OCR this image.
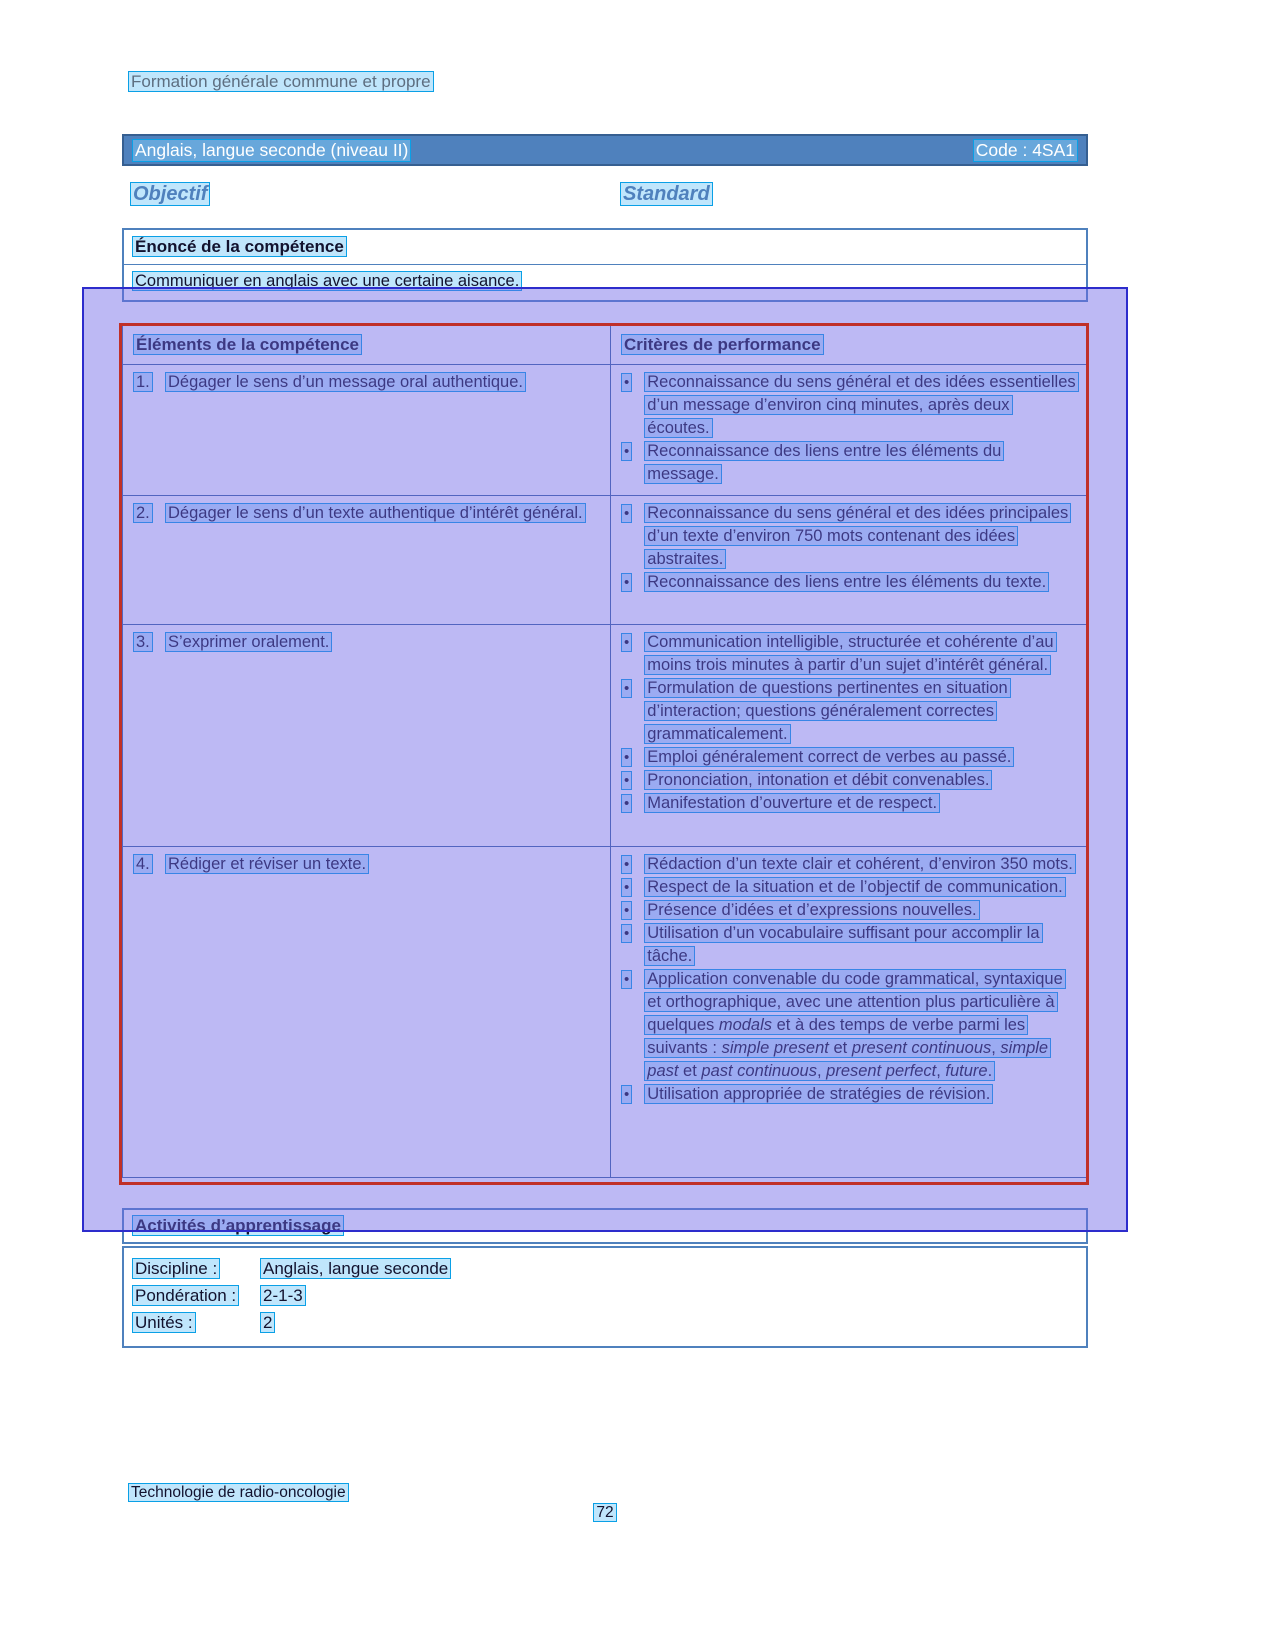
Formation générale commune et propre
Anglais, langue seconde (niveau II)	Code : 4SA1
Objectif	Standard
Énoncé de la compétence
Communiquer en anglais avec une certaine aisance.
Éléments de la compétence	Critères de performance
1.	Dégager le sens d’un message oral authentique.	• Reconnaissance du sens général et des idées essentielles d’un message d’environ cinq minutes, après deux écoutes.
• Reconnaissance des liens entre les éléments du message.
2.	Dégager le sens d’un texte authentique d’intérêt général.	• Reconnaissance du sens général et des idées principales d’un texte d’environ 750 mots contenant des idées abstraites.
• Reconnaissance des liens entre les éléments du texte.
3.	S’exprimer oralement.	• Communication intelligible, structurée et cohérente d’au moins trois minutes à partir d’un sujet d’intérêt général.
• Formulation de questions pertinentes en situation d’interaction; questions généralement correctes grammaticalement.
• Emploi généralement correct de verbes au passé.
• Prononciation, intonation et débit convenables.
• Manifestation d’ouverture et de respect.
4.	Rédiger et réviser un texte.	• Rédaction d’un texte clair et cohérent, d’environ 350 mots.
• Respect de la situation et de l’objectif de communication.
• Présence d’idées et d’expressions nouvelles.
• Utilisation d’un vocabulaire suffisant pour accomplir la tâche.
• Application convenable du code grammatical, syntaxique et orthographique, avec une attention plus particulière à quelques modals et à des temps de verbe parmi les suivants : simple present et present continuous, simple past et past continuous, present perfect, future.
• Utilisation appropriée de stratégies de révision.
Activités d’apprentissage
Discipline :	Anglais, langue seconde
Pondération :	2-1-3
Unités :	2
Technologie de radio-oncologie
72
